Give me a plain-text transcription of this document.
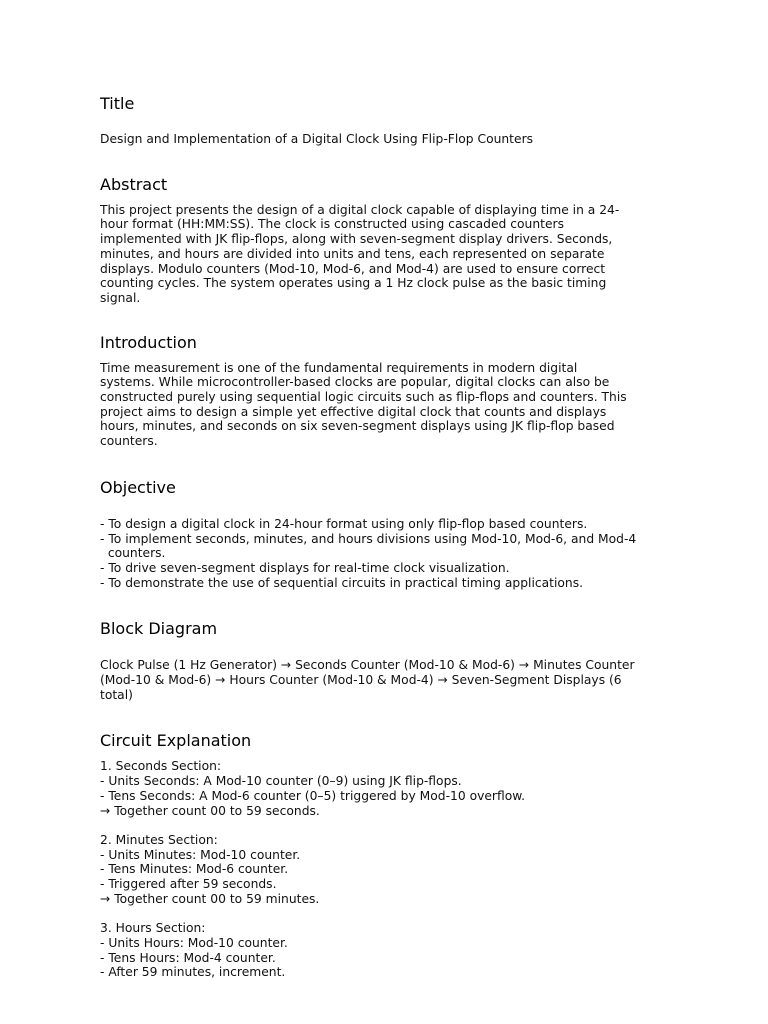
Title

Design and Implementation of a Digital Clock Using Flip-Flop Counters

Abstract
This project presents the design of a digital clock capable of displaying time in a 24-
hour format (HH:MM:SS). The clock is constructed using cascaded counters
implemented with JK flip-flops, along with seven-segment display drivers. Seconds,
minutes, and hours are divided into units and tens, each represented on separate
displays. Modulo counters (Mod-10, Mod-6, and Mod-4) are used to ensure correct
counting cycles. The system operates using a 1 Hz clock pulse as the basic timing
signal.
Introduction
Time measurement is one of the fundamental requirements in modern digital
systems. While microcontroller-based clocks are popular, digital clocks can also be
constructed purely using sequential logic circuits such as flip-flops and counters. This
project aims to design a simple yet effective digital clock that counts and displays
hours, minutes, and seconds on six seven-segment displays using JK flip-flop based
counters.
Objective
- To design a digital clock in 24-hour format using only flip-flop based counters.
- To implement seconds, minutes, and hours divisions using Mod-10, Mod-6, and Mod-4
counters.
- To drive seven-segment displays for real-time clock visualization.
- To demonstrate the use of sequential circuits in practical timing applications.
Block Diagram
Clock Pulse (1 Hz Generator) → Seconds Counter (Mod-10 & Mod-6) → Minutes Counter
(Mod-10 & Mod-6) → Hours Counter (Mod-10 & Mod-4) → Seven-Segment Displays (6
total)
Circuit Explanation
1. Seconds Section:
- Units Seconds: A Mod-10 counter (0–9) using JK flip-flops.
- Tens Seconds: A Mod-6 counter (0–5) triggered by Mod-10 overflow.
→ Together count 00 to 59 seconds.
2. Minutes Section:
- Units Minutes: Mod-10 counter.
- Tens Minutes: Mod-6 counter.
- Triggered after 59 seconds.
→ Together count 00 to 59 minutes.
3. Hours Section:
- Units Hours: Mod-10 counter.
- Tens Hours: Mod-4 counter.
- After 59 minutes, increment.
